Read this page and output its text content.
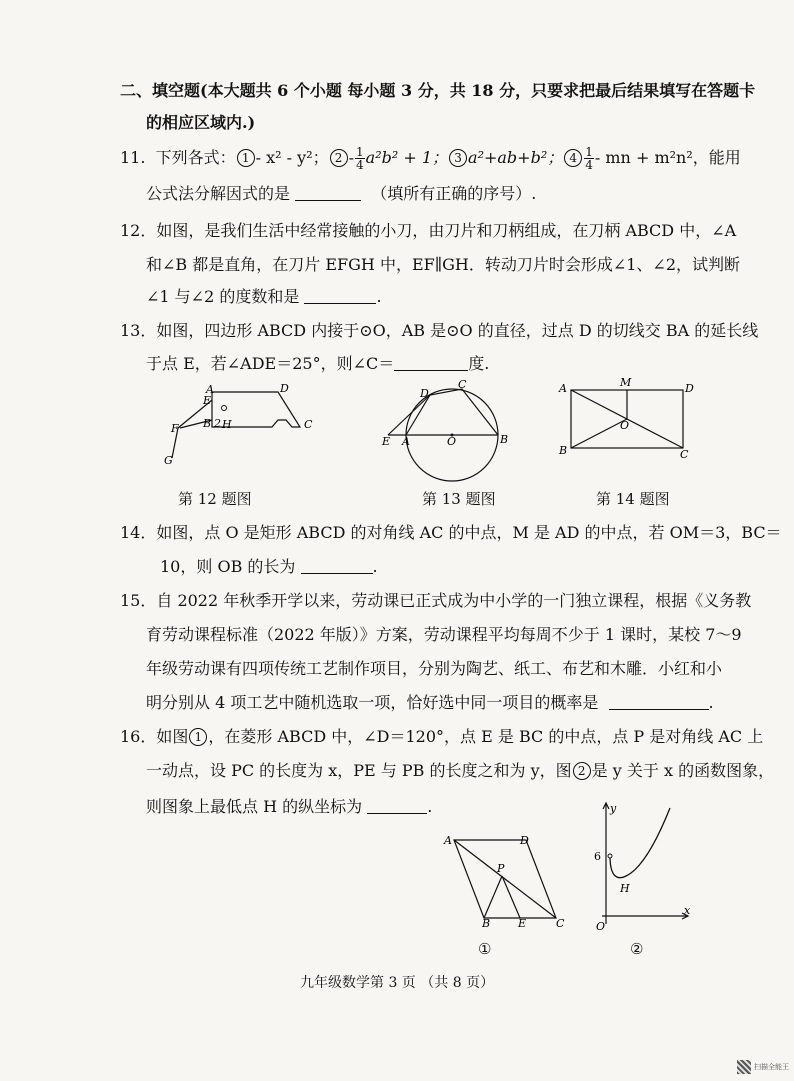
二、填空题(本大题共 6 个小题 每小题 3 分，共 18 分，只要求把最后结果填写在答题卡
的相应区域内.)
11. 下列各式： 1 - x² - y²； $2 - \frac{1}{4} a^2b^2 + 1$； 3 a²+ab+b²； $4 \frac{1}{4}$ - mn + m²n²，能用
公式法分解因式的是	（填所有正确的序号）.
12．如图，是我们生活中经常接触的小刀，由刀片和刀柄组成，在刀柄 ABCD 中，∠A
和∠B 都是直角，在刀片 EFGH 中，EF∥GH．转动刀片时会形成∠1、∠2，试判断
∠1 与∠2 的度数和是	.
13．如图，四边形 ABCD 内接于⊙O，AB 是⊙O 的直径，过点 D 的切线交 BA 的延长线
于点 E，若∠ADE＝25°，则∠C＝	度.
A	D
E
B 2 H	C
F
G
第 12 题图
D
C
E A	O	B
第 13 题图
A	M	D
O
B	C
第 14 题图
14．如图，点 O 是矩形 ABCD 的对角线 AC 的中点，M 是 AD 的中点，若 OM＝3，BC＝
10，则 OB 的长为	.
15．自 2022 年秋季开学以来，劳动课已正式成为中小学的一门独立课程，根据《义务教
育劳动课程标准（2022 年版）》方案，劳动课程平均每周不少于 1 课时，某校 7～9
年级劳动课有四项传统工艺制作项目，分别为陶艺、纸工、布艺和木雕．小红和小
明分别从 4 项工艺中随机选取一项，恰好选中同一项目的概率是	.
16．如图 1 ，在菱形 ABCD 中，∠D＝120°，点 E 是 BC 的中点，点 P 是对角线 AC 上
一动点，设 PC 的长度为 x，PE 与 PB 的长度之和为 y，图 2 是 y 关于 x 的函数图象，
则图象上最低点 H 的纵坐标为	.
A	D
P
B	E	C
①
y
6
H
O
x
②
九年级数学第 3 页 （共 8 页）
扫描全能王
